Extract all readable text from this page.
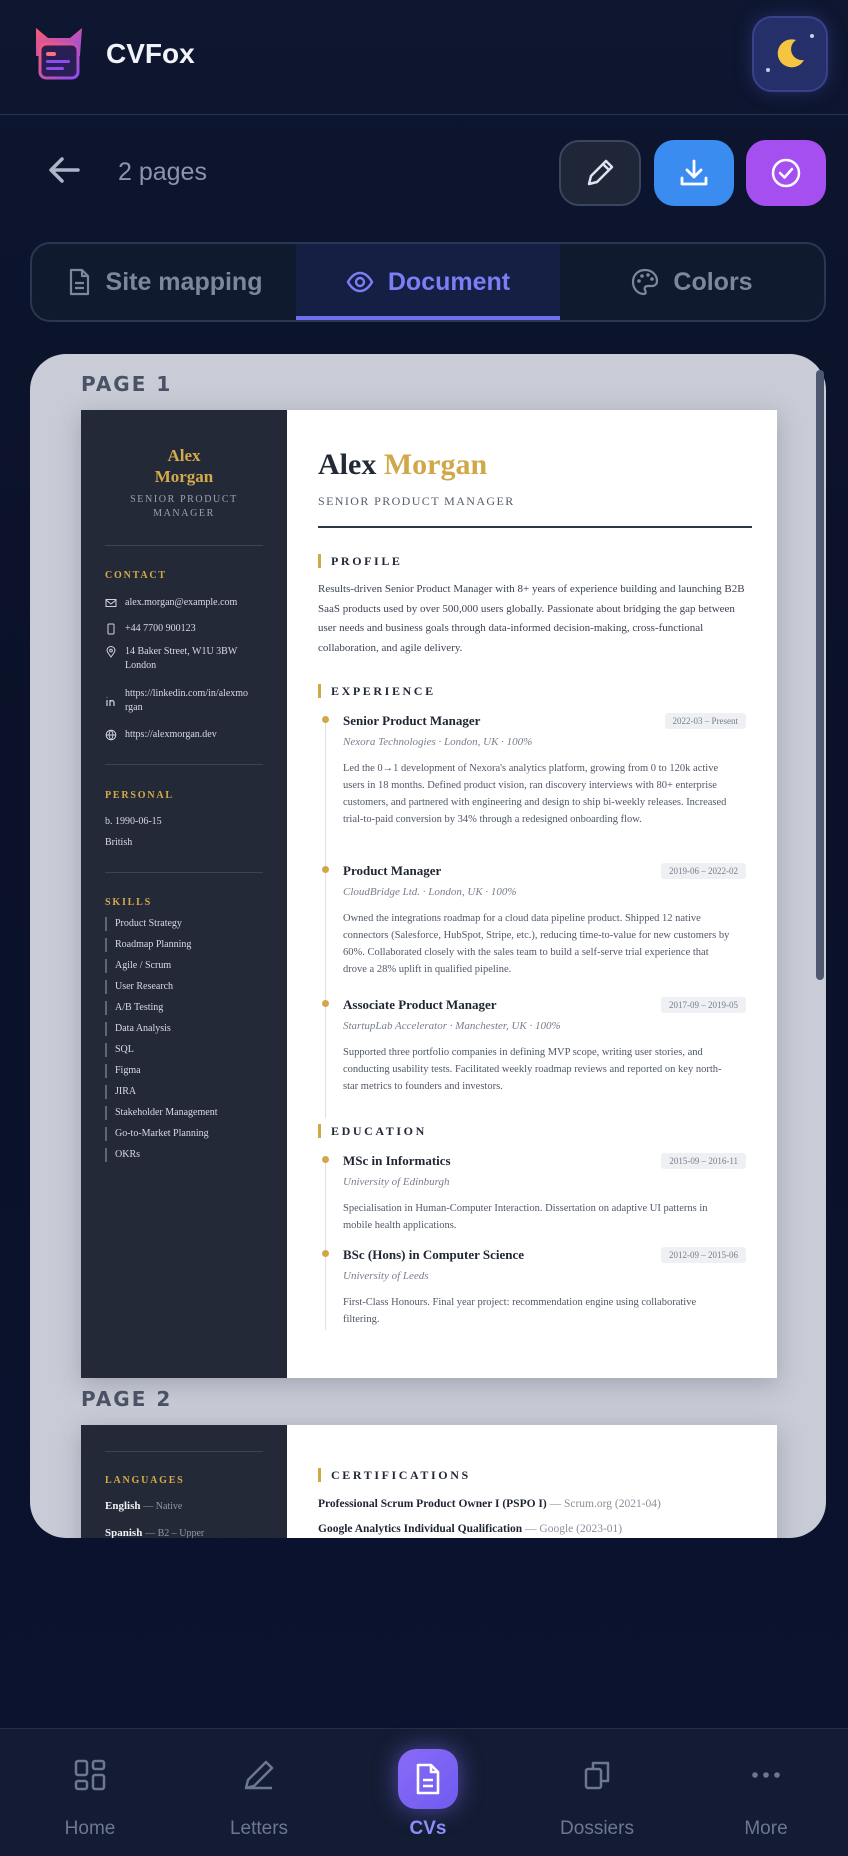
CVFox
2 pages
Site mapping	Document	Colors
PAGE 1
Alex
Morgan
SENIOR PRODUCT
MANAGER
CONTACT
alex.morgan@example.com
+44 7700 900123
14 Baker Street, W1U 3BW
London
https://linkedin.com/in/alexmo
rgan
https://alexmorgan.dev
PERSONAL
b. 1990-06-15
British
SKILLS
Product Strategy
Roadmap Planning
Agile / Scrum
User Research
A/B Testing
Data Analysis
SQL
Figma
JIRA
Stakeholder Management
Go-to-Market Planning
OKRs
Alex Morgan
SENIOR PRODUCT MANAGER
PROFILE
Results-driven Senior Product Manager with 8+ years of experience building and launching B2B SaaS products used by over 500,000 users globally. Passionate about bridging the gap between user needs and business goals through data-informed decision-making, cross-functional collaboration, and agile delivery.
EXPERIENCE
Senior Product Manager	2022-03 – Present
Nexora Technologies · London, UK · 100%
Led the 0→1 development of Nexora's analytics platform, growing from 0 to 120k active users in 18 months. Defined product vision, ran discovery interviews with 80+ enterprise customers, and partnered with engineering and design to ship bi-weekly releases. Increased trial-to-paid conversion by 34% through a redesigned onboarding flow.
Product Manager	2019-06 – 2022-02
CloudBridge Ltd. · London, UK · 100%
Owned the integrations roadmap for a cloud data pipeline product. Shipped 12 native connectors (Salesforce, HubSpot, Stripe, etc.), reducing time-to-value for new customers by 60%. Collaborated closely with the sales team to build a self-serve trial experience that drove a 28% uplift in qualified pipeline.
Associate Product Manager	2017-09 – 2019-05
StartupLab Accelerator · Manchester, UK · 100%
Supported three portfolio companies in defining MVP scope, writing user stories, and conducting usability tests. Facilitated weekly roadmap reviews and reported on key north-star metrics to founders and investors.
EDUCATION
MSc in Informatics	2015-09 – 2016-11
University of Edinburgh
Specialisation in Human-Computer Interaction. Dissertation on adaptive UI patterns in mobile health applications.
BSc (Hons) in Computer Science	2012-09 – 2015-06
University of Leeds
First-Class Honours. Final year project: recommendation engine using collaborative filtering.
PAGE 2
LANGUAGES
English — Native
Spanish — B2 – Upper
CERTIFICATIONS
Professional Scrum Product Owner I (PSPO I) — Scrum.org (2021-04)
Google Analytics Individual Qualification — Google (2023-01)
Home	Letters	CVs	Dossiers	More
